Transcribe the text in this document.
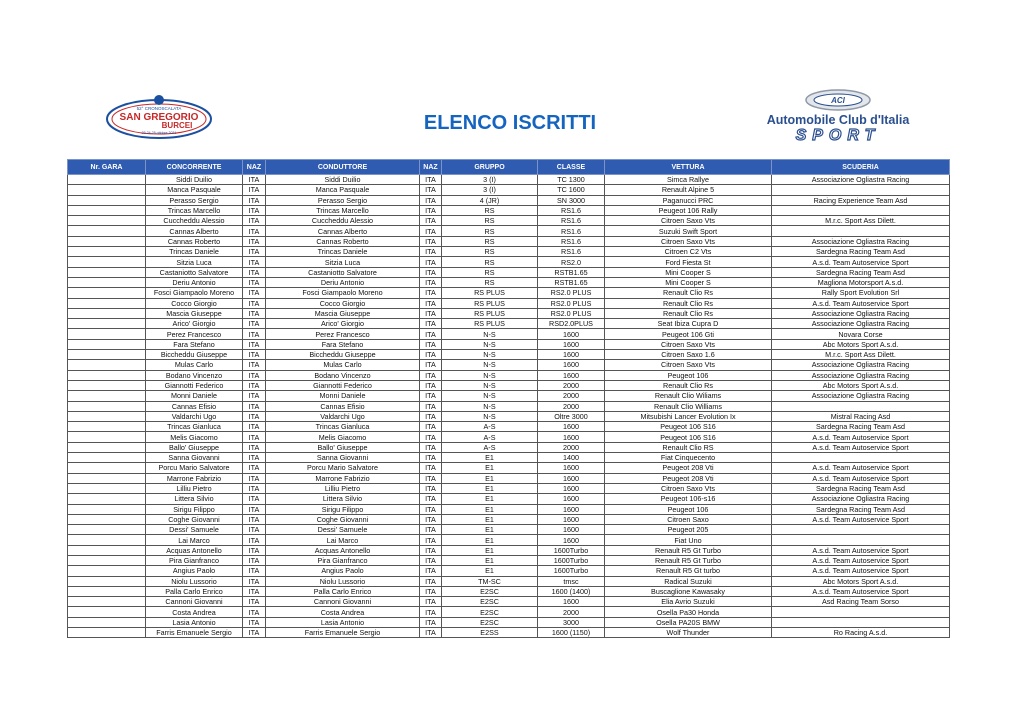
52° CRONOSCALATA
SAN GREGORIO
BURCEI
23-24-25 ottobre 2021	ELENCO ISCRITTI
ACI
Automobile Club d'Italia
SPORT
Nr. GARA	CONCORRENTE	NAZ	CONDUTTORE	NAZ	GRUPPO	CLASSE	VETTURA	SCUDERIA
	Siddi Duilio	ITA	Siddi Duilio	ITA	3 (I)	TC 1300	Simca Rallye	Associazione Ogliastra Racing
	Manca Pasquale	ITA	Manca Pasquale	ITA	3 (I)	TC 1600	Renault Alpine 5	
	Perasso Sergio	ITA	Perasso Sergio	ITA	4 (JR)	SN 3000	Paganucci PRC	Racing Experience Team Asd
	Trincas Marcello	ITA	Trincas Marcello	ITA	RS	RS1.6	Peugeot 106 Rally	
	Cuccheddu Alessio	ITA	Cuccheddu Alessio	ITA	RS	RS1.6	Citroen Saxo Vts	M.r.c. Sport Ass Dilett.
	Cannas Alberto	ITA	Cannas Alberto	ITA	RS	RS1.6	Suzuki Swift Sport	
	Cannas Roberto	ITA	Cannas Roberto	ITA	RS	RS1.6	Citroen Saxo Vts	Associazione Ogliastra Racing
	Trincas Daniele	ITA	Trincas Daniele	ITA	RS	RS1.6	Citroen C2 Vts	Sardegna Racing Team Asd
	Sitzia Luca	ITA	Sitzia Luca	ITA	RS	RS2.0	Ford Fiesta St	A.s.d. Team Autoservice Sport
	Castaniotto Salvatore	ITA	Castaniotto Salvatore	ITA	RS	RSTB1.65	Mini Cooper S	Sardegna Racing Team Asd
	Deriu Antonio	ITA	Deriu Antonio	ITA	RS	RSTB1.65	Mini Cooper S	Magliona Motorsport A.s.d.
	Fosci Giampaolo Moreno	ITA	Fosci Giampaolo Moreno	ITA	RS PLUS	RS2.0 PLUS	Renault Clio Rs	Rally Sport Evolution Srl
	Cocco Giorgio	ITA	Cocco Giorgio	ITA	RS PLUS	RS2.0 PLUS	Renault Clio Rs	A.s.d. Team Autoservice Sport
	Mascia Giuseppe	ITA	Mascia Giuseppe	ITA	RS PLUS	RS2.0 PLUS	Renault Clio Rs	Associazione Ogliastra Racing
	Arico' Giorgio	ITA	Arico' Giorgio	ITA	RS PLUS	RSD2.0PLUS	Seat Ibiza Cupra D	Associazione Ogliastra Racing
	Perez Francesco	ITA	Perez Francesco	ITA	N-S	1600	Peugeot 106 Gti	Novara Corse
	Fara Stefano	ITA	Fara Stefano	ITA	N-S	1600	Citroen Saxo Vts	Abc Motors Sport A.s.d.
	Biccheddu Giuseppe	ITA	Biccheddu Giuseppe	ITA	N-S	1600	Citroen Saxo 1.6	M.r.c. Sport Ass Dilett.
	Mulas Carlo	ITA	Mulas Carlo	ITA	N-S	1600	Citroen Saxo Vts	Associazione Ogliastra Racing
	Bodano Vincenzo	ITA	Bodano Vincenzo	ITA	N-S	1600	Peugeot 106	Associazione Ogliastra Racing
	Giannotti Federico	ITA	Giannotti Federico	ITA	N-S	2000	Renault Clio Rs	Abc Motors Sport A.s.d.
	Monni Daniele	ITA	Monni Daniele	ITA	N-S	2000	Renault Clio Wiliams	Associazione Ogliastra Racing
	Cannas Efisio	ITA	Cannas Efisio	ITA	N-S	2000	Renault Clio Williams	
	Valdarchi Ugo	ITA	Valdarchi Ugo	ITA	N-S	Oltre 3000	Mitsubishi Lancer Evolution Ix	Mistral Racing Asd
	Trincas Gianluca	ITA	Trincas Gianluca	ITA	A-S	1600	Peugeot 106 S16	Sardegna Racing Team Asd
	Melis Giacomo	ITA	Melis Giacomo	ITA	A-S	1600	Peugeot 106 S16	A.s.d. Team Autoservice Sport
	Ballo' Giuseppe	ITA	Ballo' Giuseppe	ITA	A-S	2000	Renault Clio RS	A.s.d. Team Autoservice Sport
	Sanna Giovanni	ITA	Sanna Giovanni	ITA	E1	1400	Fiat Cinquecento	
	Porcu Mario Salvatore	ITA	Porcu Mario Salvatore	ITA	E1	1600	Peugeot 208 Vti	A.s.d. Team Autoservice Sport
	Marrone Fabrizio	ITA	Marrone Fabrizio	ITA	E1	1600	Peugeot 208 Vti	A.s.d. Team Autoservice Sport
	Lilliu Pietro	ITA	Lilliu Pietro	ITA	E1	1600	Citroen Saxo Vts	Sardegna Racing Team Asd
	Littera Silvio	ITA	Littera Silvio	ITA	E1	1600	Peugeot 106-s16	Associazione Ogliastra Racing
	Sirigu Filippo	ITA	Sirigu Filippo	ITA	E1	1600	Peugeot 106	Sardegna Racing Team Asd
	Coghe Giovanni	ITA	Coghe Giovanni	ITA	E1	1600	Citroen Saxo	A.s.d. Team Autoservice Sport
	Dessi' Samuele	ITA	Dessi' Samuele	ITA	E1	1600	Peugeot 205	
	Lai Marco	ITA	Lai Marco	ITA	E1	1600	Fiat Uno	
	Acquas Antonello	ITA	Acquas Antonello	ITA	E1	1600Turbo	Renault R5 Gt Turbo	A.s.d. Team Autoservice Sport
	Pira Gianfranco	ITA	Pira Gianfranco	ITA	E1	1600Turbo	Renault R5 Gt Turbo	A.s.d. Team Autoservice Sport
	Angius Paolo	ITA	Angius Paolo	ITA	E1	1600Turbo	Renault R5 Gt turbo	A.s.d. Team Autoservice Sport
	Niolu Lussorio	ITA	Niolu Lussorio	ITA	TM-SC	tmsc	Radical Suzuki	Abc Motors Sport A.s.d.
	Palla Carlo Enrico	ITA	Palla Carlo Enrico	ITA	E2SC	1600 (1400)	Buscaglione Kawasaky	A.s.d. Team Autoservice Sport
	Cannoni Giovanni	ITA	Cannoni Giovanni	ITA	E2SC	1600	Elia Avrio Suzuki	Asd Racing Team Sorso
	Costa Andrea	ITA	Costa Andrea	ITA	E2SC	2000	Osella Pa30 Honda	
	Lasia Antonio	ITA	Lasia Antonio	ITA	E2SC	3000	Osella PA20S BMW	
	Farris Emanuele Sergio	ITA	Farris Emanuele Sergio	ITA	E2SS	1600 (1150)	Wolf Thunder	Ro Racing A.s.d.
